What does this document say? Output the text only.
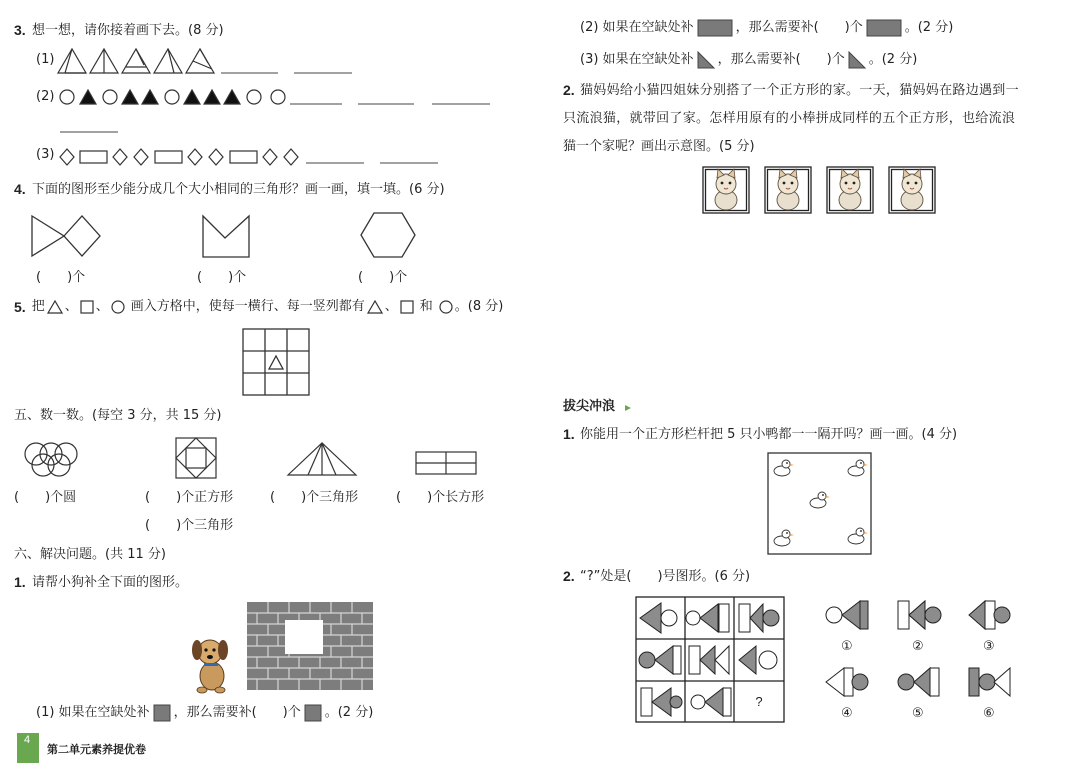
3. 想一想，请你接着画下去。(8 分)
(1)
(2)
(3)
4. 下面的图形至少能分成几个大小相同的三角形？画一画，填一填。(6 分)
(　　)个	(　　)个	(　　)个
5. 把 、 、 画入方格中，使每一横行、每一竖列都有 、 和 。(8 分)
五、数一数。(每空 3 分，共 15 分)
(　　)个圆	(　　)个正方形	(　　)个三角形	(　　)个长方形
(　　)个三角形
六、解决问题。(共 11 分)
1. 请帮小狗补全下面的图形。
(1) 如果在空缺处补 ，那么需要补(　　)个 。(2 分)
4
第二单元素养提优卷
(2) 如果在空缺处补	，那么需要补(　　)个	。(2 分)
(3) 如果在空缺处补 ，那么需要补(　　)个 。(2 分)
2. 猫妈妈给小猫四姐妹分别搭了一个正方形的家。一天，猫妈妈在路边遇到一
只流浪猫，就带回了家。怎样用原有的小棒拼成同样的五个正方形，也给流浪
猫一个家呢？画出示意图。(5 分)
拔尖冲浪
1. 你能用一个正方形栏杆把 5 只小鸭都一一隔开吗？画一画。(4 分)
2. “?”处是(　　)号图形。(6 分)
?
①	②	③
④	⑤	⑥
